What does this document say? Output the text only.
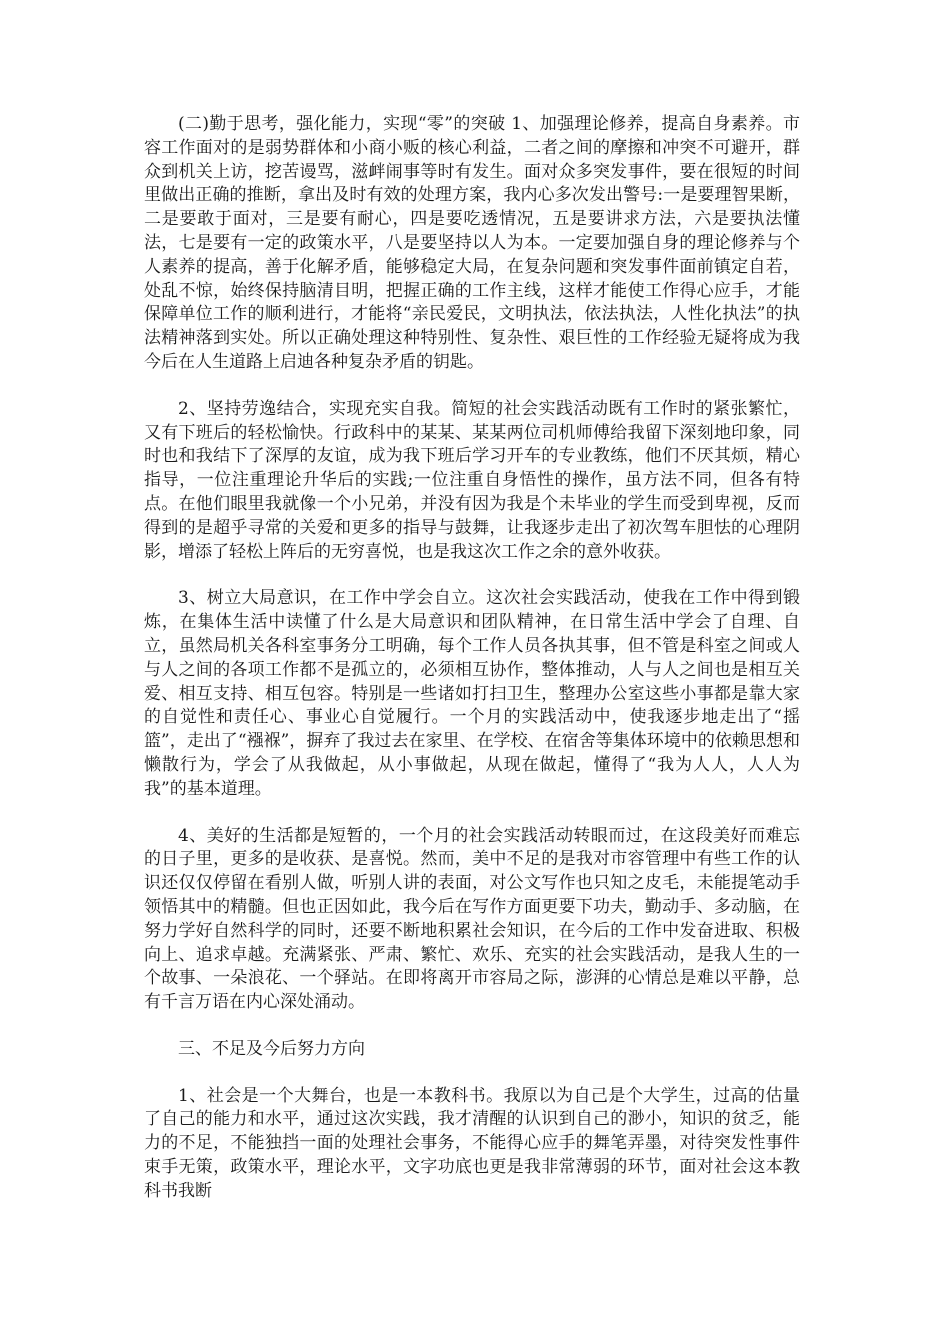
(二)勤于思考，强化能力，实现“零”的突破 1、加强理论修养，提高自身素养。市容工作面对的是弱势群体和小商小贩的核心利益，二者之间的摩擦和冲突不可避开，群众到机关上访，挖苦谩骂，滋衅闹事等时有发生。面对众多突发事件，要在很短的时间里做出正确的推断，拿出及时有效的处理方案，我内心多次发出警号:一是要理智果断，二是要敢于面对，三是要有耐心，四是要吃透情况，五是要讲求方法，六是要执法懂法，七是要有一定的政策水平，八是要坚持以人为本。一定要加强自身的理论修养与个人素养的提高，善于化解矛盾，能够稳定大局，在复杂问题和突发事件面前镇定自若，处乱不惊，始终保持脑清目明，把握正确的工作主线，这样才能使工作得心应手，才能保障单位工作的顺利进行，才能将“亲民爱民，文明执法，依法执法，人性化执法”的执法精神落到实处。所以正确处理这种特别性、复杂性、艰巨性的工作经验无疑将成为我今后在人生道路上启迪各种复杂矛盾的钥匙。

2、坚持劳逸结合，实现充实自我。简短的社会实践活动既有工作时的紧张繁忙，又有下班后的轻松愉快。行政科中的某某、某某两位司机师傅给我留下深刻地印象，同时也和我结下了深厚的友谊，成为我下班后学习开车的专业教练，他们不厌其烦，精心指导，一位注重理论升华后的实践;一位注重自身悟性的操作，虽方法不同，但各有特点。在他们眼里我就像一个小兄弟，并没有因为我是个未毕业的学生而受到卑视，反而得到的是超乎寻常的关爱和更多的指导与鼓舞，让我逐步走出了初次驾车胆怯的心理阴影，增添了轻松上阵后的无穷喜悦，也是我这次工作之余的意外收获。

3、树立大局意识，在工作中学会自立。这次社会实践活动，使我在工作中得到锻炼，在集体生活中读懂了什么是大局意识和团队精神，在日常生活中学会了自理、自立，虽然局机关各科室事务分工明确，每个工作人员各执其事，但不管是科室之间或人与人之间的各项工作都不是孤立的，必须相互协作，整体推动，人与人之间也是相互关爱、相互支持、相互包容。特别是一些诸如打扫卫生，整理办公室这些小事都是靠大家的自觉性和责任心、事业心自觉履行。一个月的实践活动中，使我逐步地走出了“摇篮”，走出了“襁褓”，摒弃了我过去在家里、在学校、在宿舍等集体环境中的依赖思想和懒散行为，学会了从我做起，从小事做起，从现在做起，懂得了“我为人人，人人为我”的基本道理。

4、美好的生活都是短暂的，一个月的社会实践活动转眼而过，在这段美好而难忘的日子里，更多的是收获、是喜悦。然而，美中不足的是我对市容管理中有些工作的认识还仅仅停留在看别人做，听别人讲的表面，对公文写作也只知之皮毛，未能提笔动手领悟其中的精髓。但也正因如此，我今后在写作方面更要下功夫，勤动手、多动脑，在努力学好自然科学的同时，还要不断地积累社会知识，在今后的工作中发奋进取、积极向上、追求卓越。充满紧张、严肃、繁忙、欢乐、充实的社会实践活动，是我人生的一个故事、一朵浪花、一个驿站。在即将离开市容局之际，澎湃的心情总是难以平静，总有千言万语在内心深处涌动。

三、不足及今后努力方向

1、社会是一个大舞台，也是一本教科书。我原以为自己是个大学生，过高的估量了自己的能力和水平，通过这次实践，我才清醒的认识到自己的渺小，知识的贫乏，能力的不足，不能独挡一面的处理社会事务，不能得心应手的舞笔弄墨，对待突发性事件束手无策，政策水平，理论水平，文字功底也更是我非常薄弱的环节，面对社会这本教科书我断
